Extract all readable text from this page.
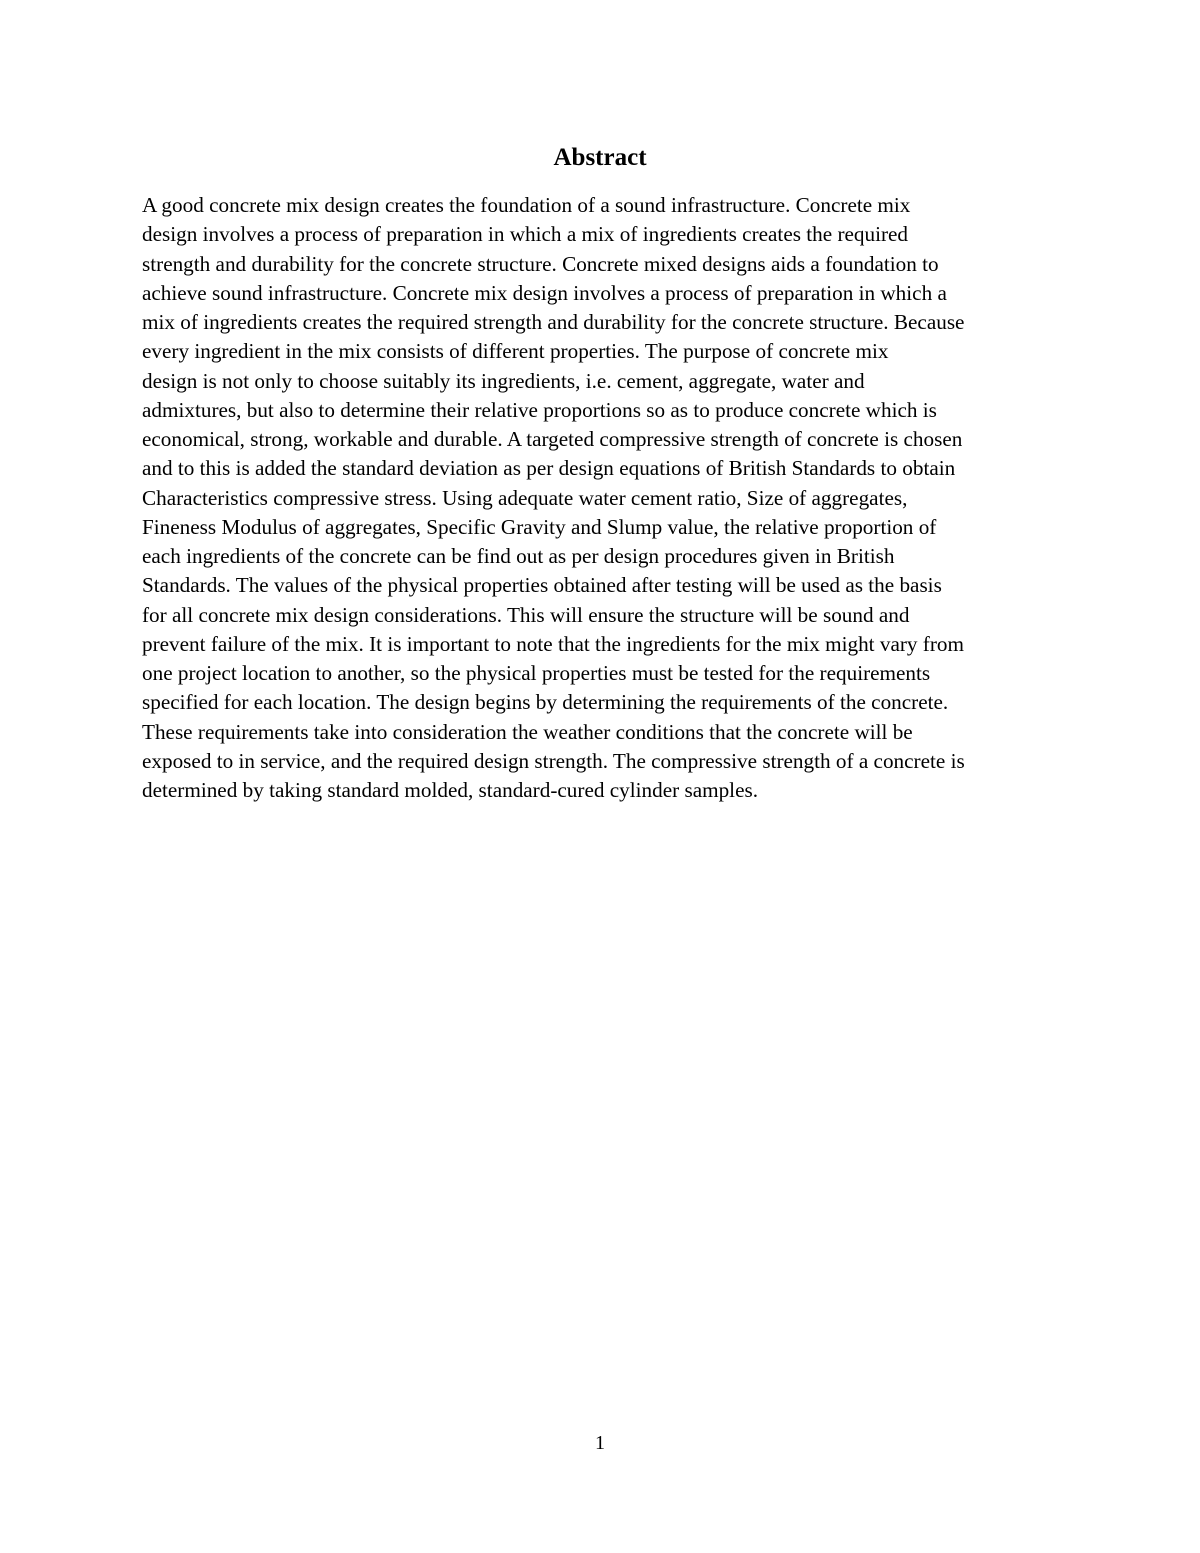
Abstract
A good concrete mix design creates the foundation of a sound infrastructure. Concrete mix
design involves a process of preparation in which a mix of ingredients creates the required
strength and durability for the concrete structure. Concrete mixed designs aids a foundation to
achieve sound infrastructure. Concrete mix design involves a process of preparation in which a
mix of ingredients creates the required strength and durability for the concrete structure. Because
every ingredient in the mix consists of different properties. The purpose of concrete mix
design is not only to choose suitably its ingredients, i.e. cement, aggregate, water and
admixtures, but also to determine their relative proportions so as to produce concrete which is
economical, strong, workable and durable. A targeted compressive strength of concrete is chosen
and to this is added the standard deviation as per design equations of British Standards to obtain
Characteristics compressive stress. Using adequate water cement ratio, Size of aggregates,
Fineness Modulus of aggregates, Specific Gravity and Slump value, the relative proportion of
each ingredients of the concrete can be find out as per design procedures given in British
Standards. The values of the physical properties obtained after testing will be used as the basis
for all concrete mix design considerations. This will ensure the structure will be sound and
prevent failure of the mix. It is important to note that the ingredients for the mix might vary from
one project location to another, so the physical properties must be tested for the requirements
specified for each location. The design begins by determining the requirements of the concrete.
These requirements take into consideration the weather conditions that the concrete will be
exposed to in service, and the required design strength. The compressive strength of a concrete is
determined by taking standard molded, standard-cured cylinder samples.
1
